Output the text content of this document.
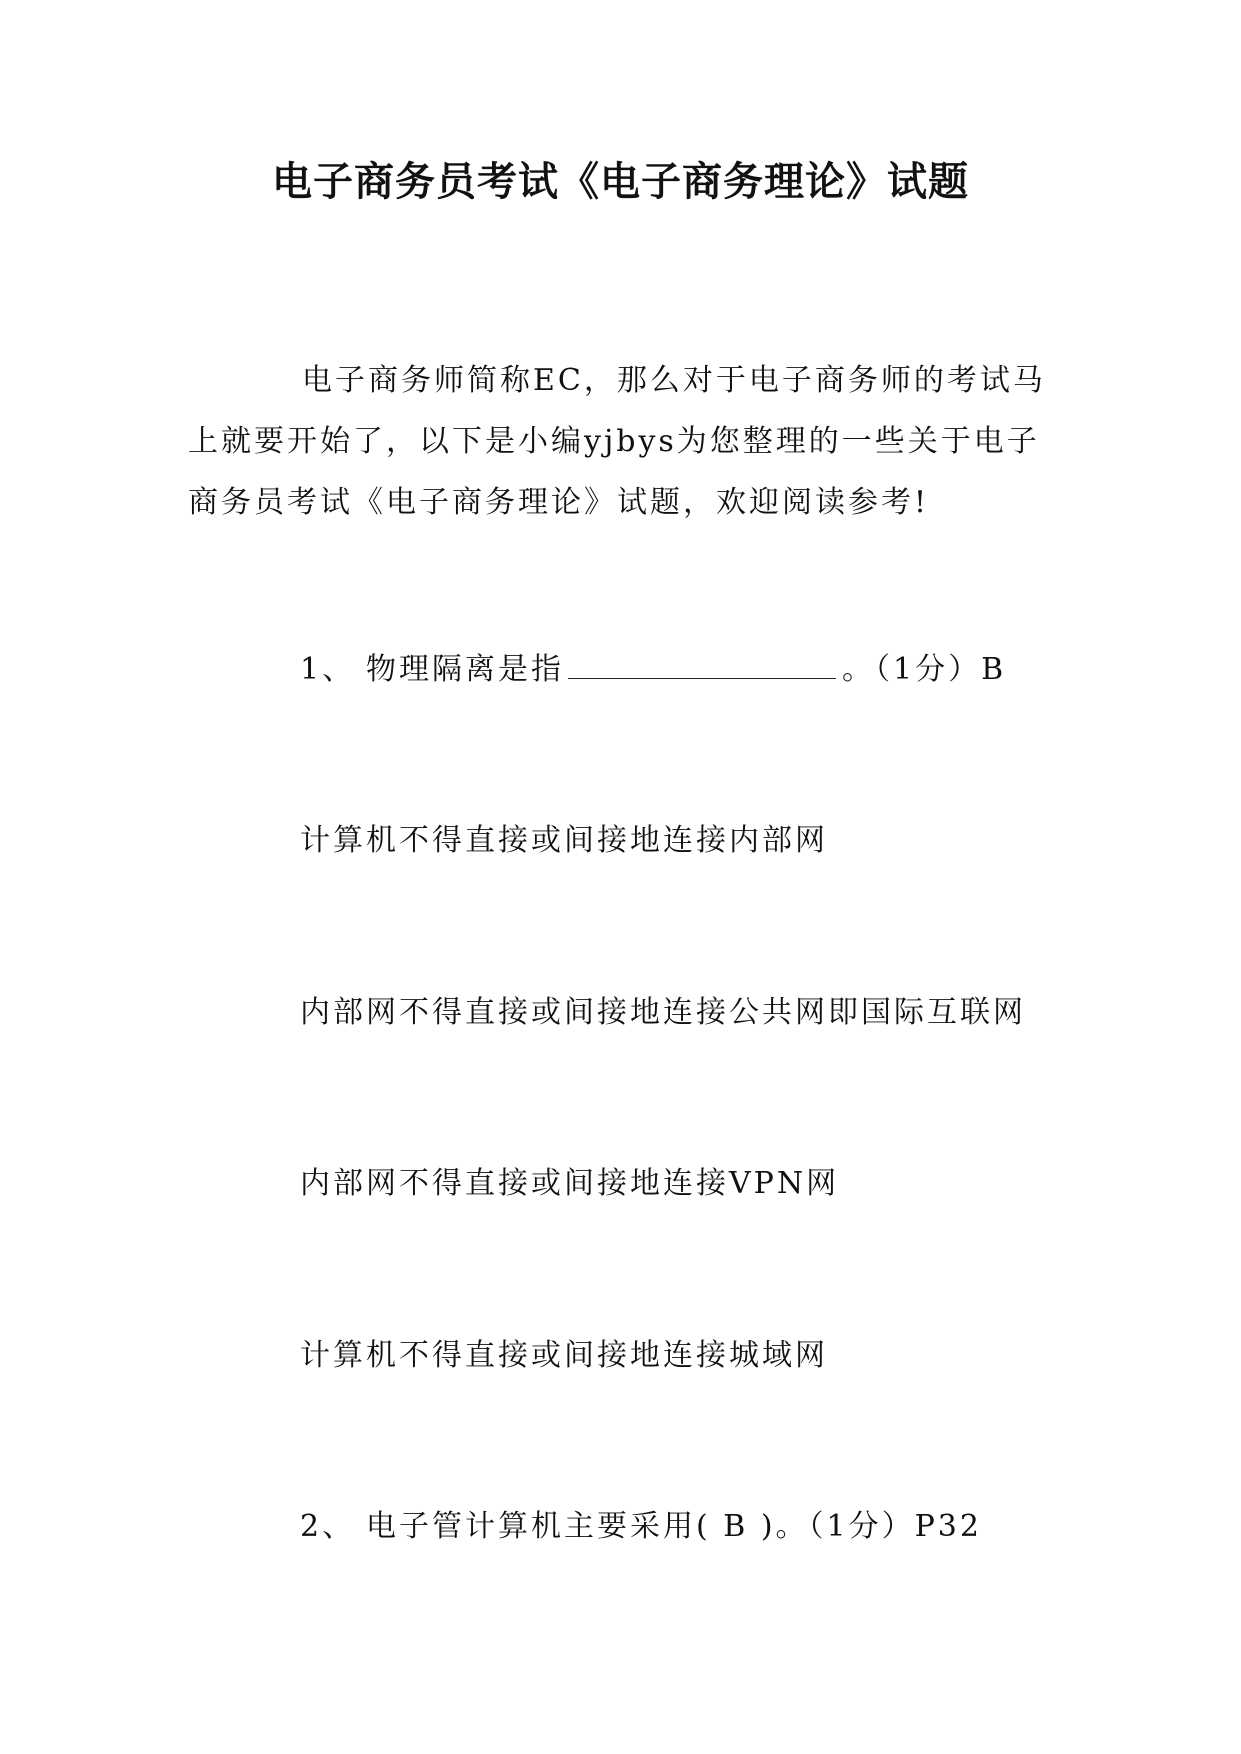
电子商务员考试《电子商务理论》试题

电子商务师简称EC，那么对于电子商务师的考试马上就要开始了，以下是小编yjbys为您整理的一些关于电子商务员考试《电子商务理论》试题，欢迎阅读参考!

1、 物理隔离是指	。（1分）B
计算机不得直接或间接地连接内部网
内部网不得直接或间接地连接公共网即国际互联网
内部网不得直接或间接地连接VPN网
计算机不得直接或间接地连接城域网
2、 电子管计算机主要采用( B )。（1分）P32
